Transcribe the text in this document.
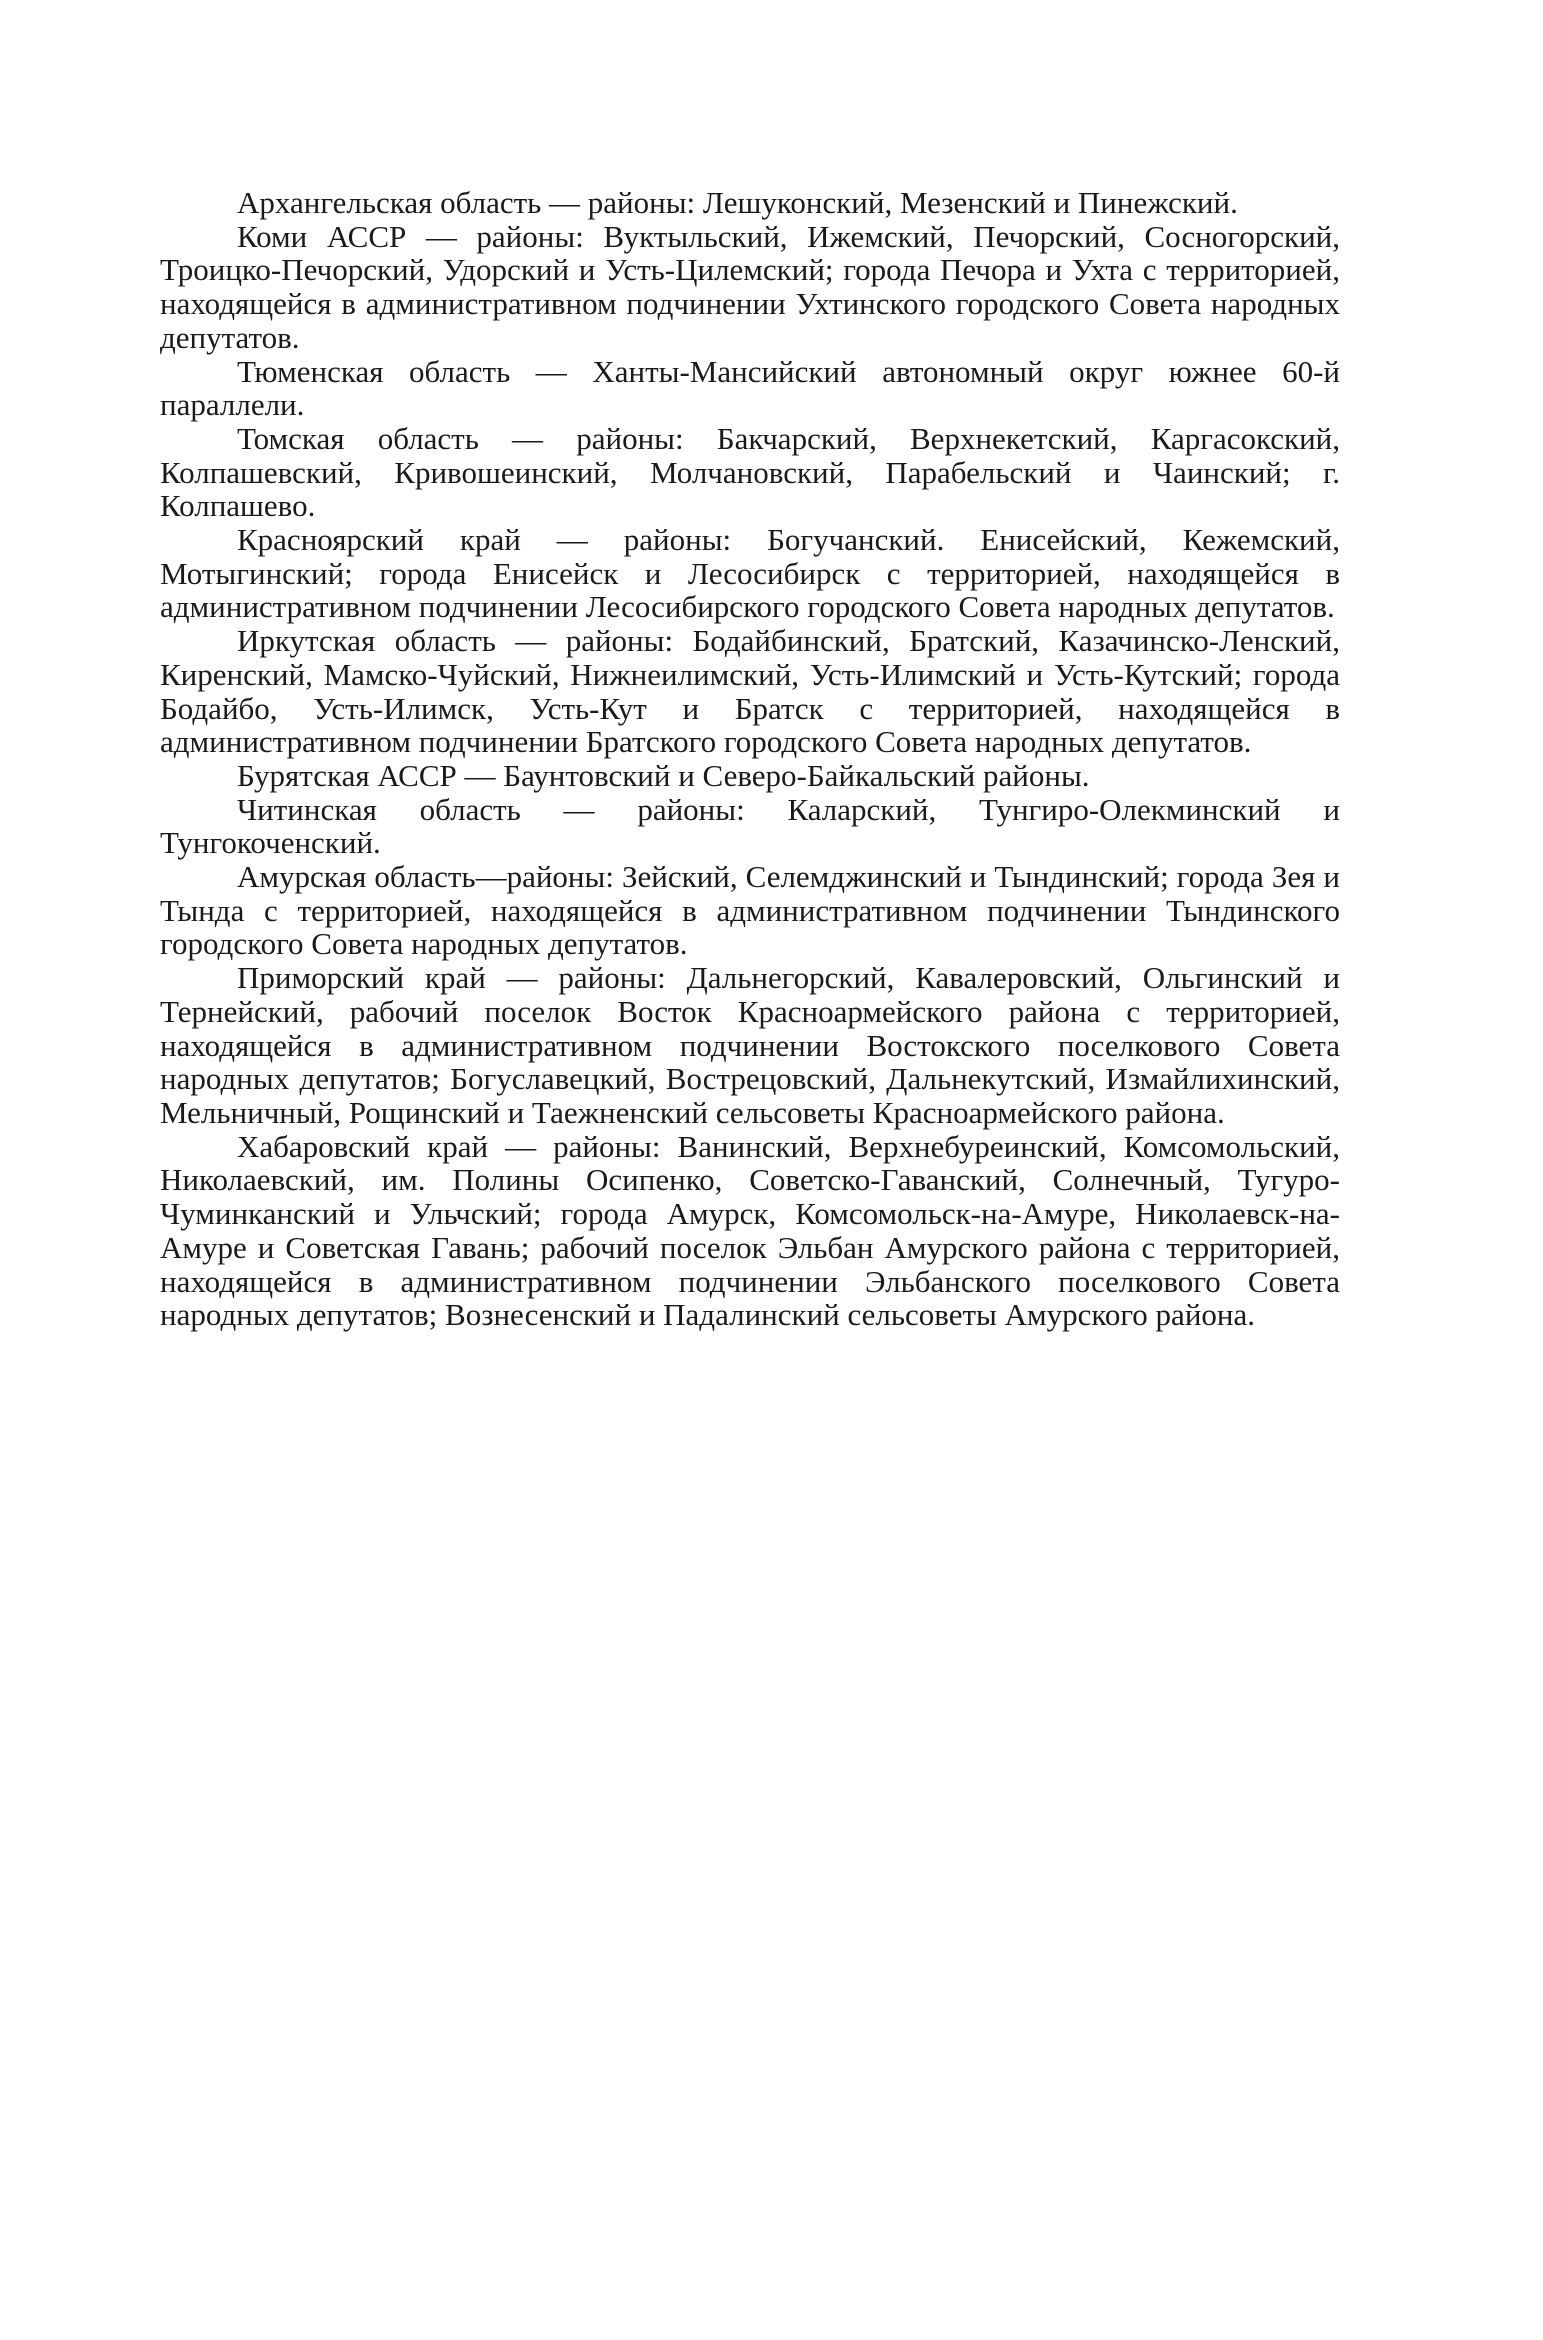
Архангельская область — районы: Лешуконский, Мезенский и Пинежский.

Коми АССР — районы: Вуктыльский, Ижемский, Печорский, Сосногорский, Троицко-Печорский, Удорский и Усть-Цилемский; города Печора и Ухта с территорией, находящейся в административном подчинении Ухтинского городского Совета народных депутатов.

Тюменская область — Ханты-Мансийский автономный округ южнее 60-й параллели.

Томская область — районы: Бакчарский, Верхнекетский, Каргасокский, Колпашевский, Кривошеинский, Молчановский, Парабельский и Чаинский; г. Колпашево.

Красноярский край — районы: Богучанский. Енисейский, Кежемский, Мотыгинский; города Енисейск и Лесосибирск с территорией, находящейся в административном подчинении Лесосибирского городского Совета народных депутатов.

Иркутская область — районы: Бодайбинский, Братский, Казачинско-Ленский, Киренский, Мамско-Чуйский, Нижнеилимский, Усть-Илимский и Усть-Кутский; города Бодайбо, Усть-Илимск, Усть-Кут и Братск с территорией, находящейся в административном подчинении Братского городского Совета народных депутатов.

Бурятская АССР — Баунтовский и Северо-Байкальский районы.

Читинская область — районы: Каларский, Тунгиро-Олекминский и Тунгокоченский.

Амурская область—районы: Зейский, Селемджинский и Тындинский; города Зея и Тында с территорией, находящейся в административном подчинении Тындинского городского Совета народных депутатов.

Приморский край — районы: Дальнегорский, Кавалеровский, Ольгинский и Тернейский, рабочий поселок Восток Красноармейского района с территорией, находящейся в административном подчинении Востокского поселкового Совета народных депутатов; Богуславецкий, Вострецовский, Дальнекутский, Измайлихинский, Мельничный, Рощинский и Таежненский сельсоветы Красноармейского района.

Хабаровский край — районы: Ванинский, Верхнебуреинский, Комсомольский, Николаевский, им. Полины Осипенко, Советско-Гаванский, Солнечный, Тугуро-Чуминканский и Ульчский; города Амурск, Комсомольск-на-Амуре, Николаевск-на-Амуре и Советская Гавань; рабочий поселок Эльбан Амурского района с территорией, находящейся в административном подчинении Эльбанского поселкового Совета народных депутатов; Вознесенский и Падалинский сельсоветы Амурского района.
